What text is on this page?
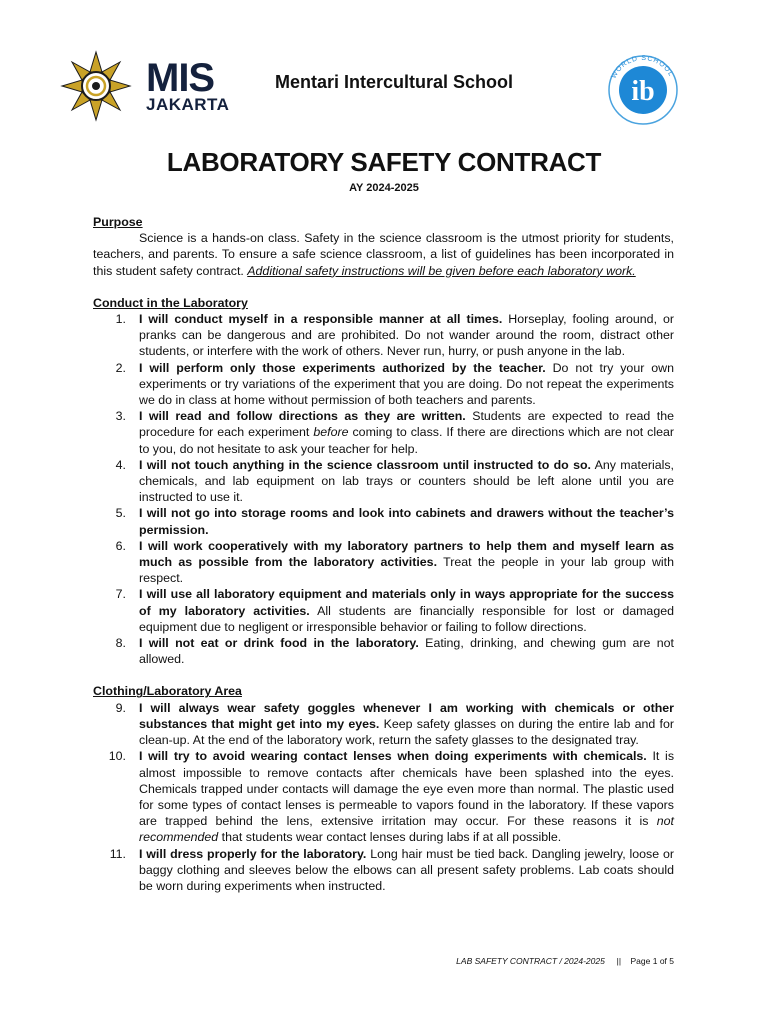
MIS
JAKARTA
Mentari Intercultural School	WORLD SCHOOL
ib
LABORATORY SAFETY CONTRACT
AY 2024-2025

Purpose

Science is a hands-on class. Safety in the science classroom is the utmost priority for students, teachers, and parents. To ensure a safe science classroom, a list of guidelines has been incorporated in this student safety contract. Additional safety instructions will be given before each laboratory work.

Conduct in the Laboratory

1. I will conduct myself in a responsible manner at all times. Horseplay, fooling around, or pranks can be dangerous and are prohibited. Do not wander around the room, distract other students, or interfere with the work of others. Never run, hurry, or push anyone in the lab.
2. I will perform only those experiments authorized by the teacher. Do not try your own experiments or try variations of the experiment that you are doing. Do not repeat the experiments we do in class at home without permission of both teachers and parents.
3. I will read and follow directions as they are written. Students are expected to read the procedure for each experiment before coming to class. If there are directions which are not clear to you, do not hesitate to ask your teacher for help.
4. I will not touch anything in the science classroom until instructed to do so. Any materials, chemicals, and lab equipment on lab trays or counters should be left alone until you are instructed to use it.
5. I will not go into storage rooms and look into cabinets and drawers without the teacher’s permission.
6. I will work cooperatively with my laboratory partners to help them and myself learn as much as possible from the laboratory activities. Treat the people in your lab group with respect.
7. I will use all laboratory equipment and materials only in ways appropriate for the success of my laboratory activities. All students are financially responsible for lost or damaged equipment due to negligent or irresponsible behavior or failing to follow directions.
8. I will not eat or drink food in the laboratory. Eating, drinking, and chewing gum are not allowed.

Clothing/Laboratory Area

9. I will always wear safety goggles whenever I am working with chemicals or other substances that might get into my eyes. Keep safety glasses on during the entire lab and for clean-up. At the end of the laboratory work, return the safety glasses to the designated tray.
10. I will try to avoid wearing contact lenses when doing experiments with chemicals. It is almost impossible to remove contacts after chemicals have been splashed into the eyes. Chemicals trapped under contacts will damage the eye even more than normal. The plastic used for some types of contact lenses is permeable to vapors found in the laboratory. If these vapors are trapped behind the lens, extensive irritation may occur. For these reasons it is not recommended that students wear contact lenses during labs if at all possible.
11. I will dress properly for the laboratory. Long hair must be tied back. Dangling jewelry, loose or baggy clothing and sleeves below the elbows can all present safety problems. Lab coats should be worn during experiments when instructed.
LAB SAFETY CONTRACT / 2024-2025 || Page 1 of 5
